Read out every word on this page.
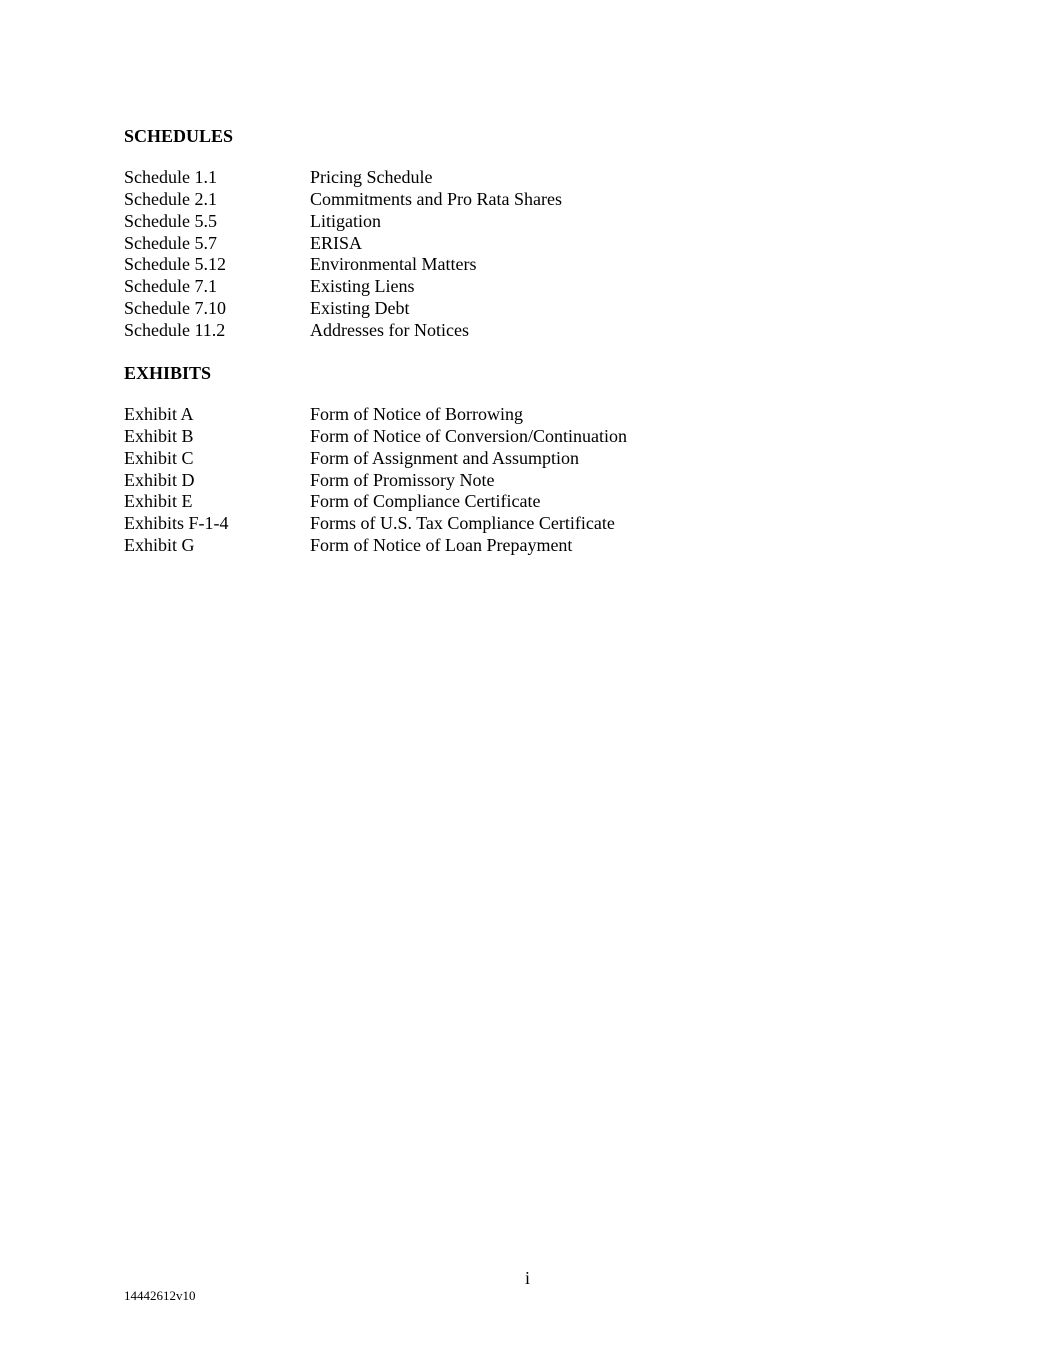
SCHEDULES
Schedule 1.1	Pricing Schedule
Schedule 2.1	Commitments and Pro Rata Shares
Schedule 5.5	Litigation
Schedule 5.7	ERISA
Schedule 5.12	Environmental Matters
Schedule 7.1	Existing Liens
Schedule 7.10	Existing Debt
Schedule 11.2	Addresses for Notices
EXHIBITS
Exhibit A	Form of Notice of Borrowing
Exhibit B	Form of Notice of Conversion/Continuation
Exhibit C	Form of Assignment and Assumption
Exhibit D	Form of Promissory Note
Exhibit E	Form of Compliance Certificate
Exhibits F-1-4	Forms of U.S. Tax Compliance Certificate
Exhibit G	Form of Notice of Loan Prepayment
i
14442612v10
